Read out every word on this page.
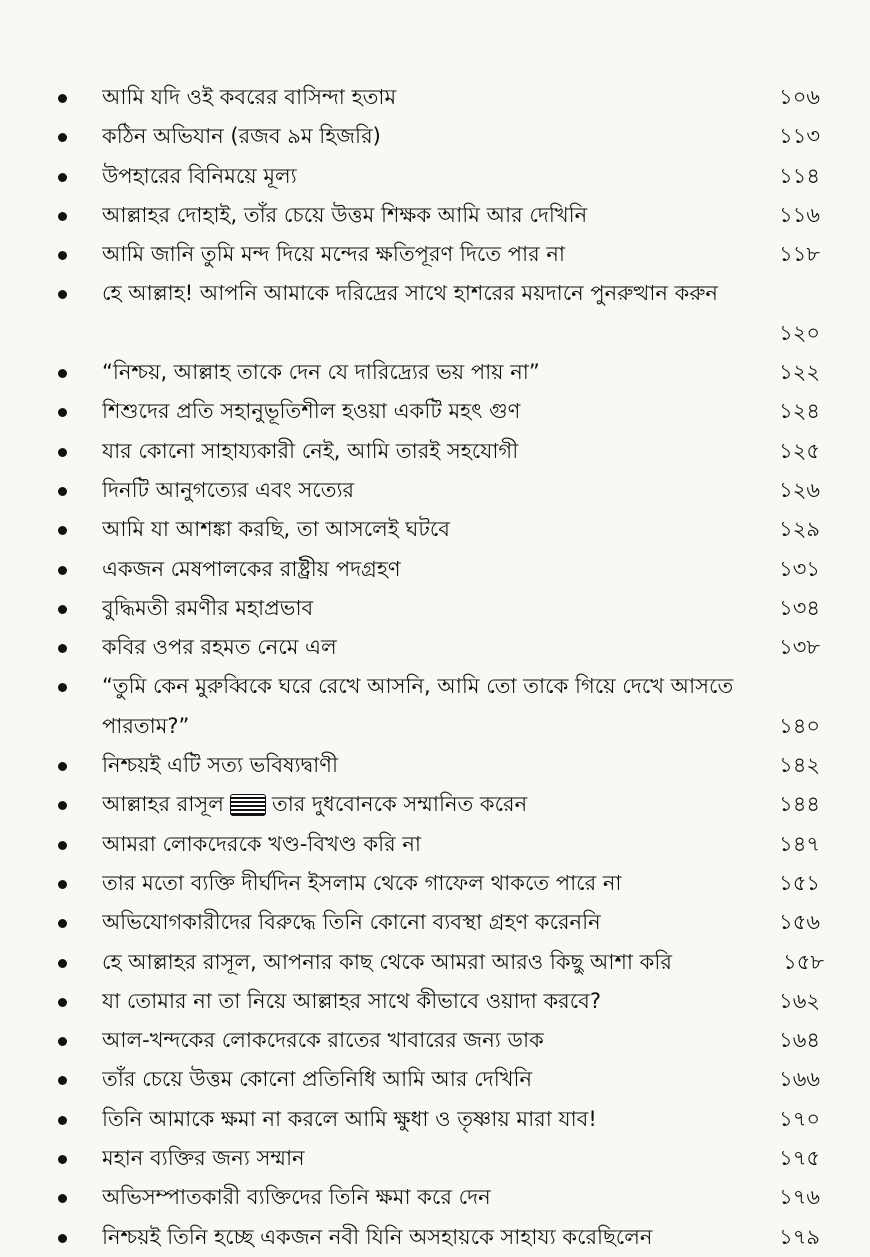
আমি যদি ওই কবরের বাসিন্দা হতাম	১০৬
কঠিন অভিযান (রজব ৯ম হিজরি)	১১৩
উপহারের বিনিময়ে মূল্য	১১৪
আল্লাহর দোহাই, তাঁর চেয়ে উত্তম শিক্ষক আমি আর দেখিনি	১১৬
আমি জানি তুমি মন্দ দিয়ে মন্দের ক্ষতিপূরণ দিতে পার না	১১৮
হে আল্লাহ! আপনি আমাকে দরিদ্রের সাথে হাশরের ময়দানে পুনরুত্থান করুন
১২০
“নিশ্চয়, আল্লাহ তাকে দেন যে দারিদ্র্যের ভয় পায় না”	১২২
শিশুদের প্রতি সহানুভূতিশীল হওয়া একটি মহৎ গুণ	১২৪
যার কোনো সাহায্যকারী নেই, আমি তারই সহযোগী	১২৫
দিনটি আনুগত্যের এবং সত্যের	১২৬
আমি যা আশঙ্কা করছি, তা আসলেই ঘটবে	১২৯
একজন মেষপালকের রাষ্ট্রীয় পদগ্রহণ	১৩১
বুদ্ধিমতী রমণীর মহাপ্রভাব	১৩৪
কবির ওপর রহমত নেমে এল	১৩৮
“তুমি কেন মুরুব্বিকে ঘরে রেখে আসনি, আমি তো তাকে গিয়ে দেখে আসতে পারতাম?”	১৪০
নিশ্চয়ই এটি সত্য ভবিষ্যদ্বাণী	১৪২
আল্লাহর রাসূল তার দুধবোনকে সম্মানিত করেন	১৪৪
আমরা লোকদেরকে খণ্ড-বিখণ্ড করি না	১৪৭
তার মতো ব্যক্তি দীর্ঘদিন ইসলাম থেকে গাফেল থাকতে পারে না	১৫১
অভিযোগকারীদের বিরুদ্ধে তিনি কোনো ব্যবস্থা গ্রহণ করেননি	১৫৬
হে আল্লাহর রাসূল, আপনার কাছ থেকে আমরা আরও কিছু আশা করি	১৫৮
যা তোমার না তা নিয়ে আল্লাহর সাথে কীভাবে ওয়াদা করবে?	১৬২
আল-খন্দকের লোকদেরকে রাতের খাবারের জন্য ডাক	১৬৪
তাঁর চেয়ে উত্তম কোনো প্রতিনিধি আমি আর দেখিনি	১৬৬
তিনি আমাকে ক্ষমা না করলে আমি ক্ষুধা ও তৃষ্ণায় মারা যাব!	১৭০
মহান ব্যক্তির জন্য সম্মান	১৭৫
অভিসম্পাতকারী ব্যক্তিদের তিনি ক্ষমা করে দেন	১৭৬
নিশ্চয়ই তিনি হচ্ছে একজন নবী যিনি অসহায়কে সাহায্য করেছিলেন	১৭৯
